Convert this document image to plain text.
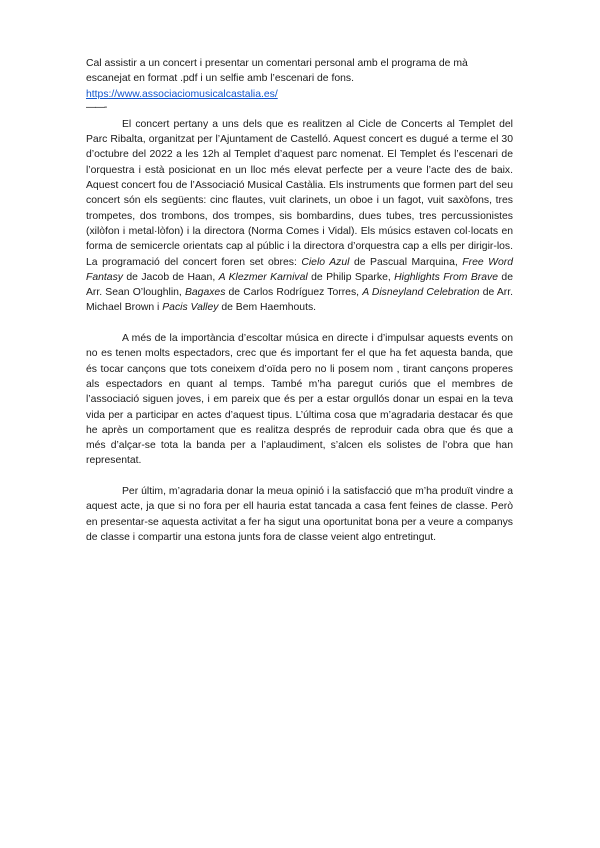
Cal assistir a un concert i presentar un comentari personal amb el programa de mà escanejat en format .pdf i un selfie amb l’escenari de fons.

https://www.associaciomusicalcastalia.es/
——-

El concert pertany a uns dels que es realitzen al Cicle de Concerts al Templet del Parc Ribalta, organitzat per l’Ajuntament de Castelló. Aquest concert es dugué a terme el 30 d’octubre del 2022 a les 12h al Templet d’aquest parc nomenat. El Templet és l’escenari de l’orquestra i està posicionat en un lloc més elevat perfecte per a veure l’acte des de baix. Aquest concert fou de l’Associació Musical Castàlia. Els instruments que formen part del seu concert són els següents: cinc flautes, vuit clarinets, un oboe i un fagot, vuit saxòfons, tres trompetes, dos trombons, dos trompes, sis bombardins, dues tubes, tres percussionistes (xilòfon i metal·lòfon) i la directora (Norma Comes i Vidal). Els músics estaven col·locats en forma de semicercle orientats cap al públic i la directora d’orquestra cap a ells per dirigir-los. La programació del concert foren set obres: Cielo Azul de Pascual Marquina, Free Word Fantasy de Jacob de Haan, A Klezmer Karnival de Philip Sparke, Highlights From Brave de Arr. Sean O’loughlin, Bagaxes de Carlos Rodríguez Torres, A Disneyland Celebration de Arr. Michael Brown i Pacis Valley de Bem Haemhouts.

A més de la importància d’escoltar música en directe i d’impulsar aquests events on no es tenen molts espectadors, crec que és important fer el que ha fet aquesta banda, que és tocar cançons que tots coneixem d’oïda pero no li posem nom , tirant cançons properes als espectadors en quant al temps. També m’ha paregut curiós que el membres de l’associació siguen joves, i em pareix que és per a estar orgullós donar un espai en la teva vida per a participar en actes d’aquest tipus. L’última cosa que m’agradaria destacar és que he après un comportament que es realitza després de reproduir cada obra que és que a més d’alçar-se tota la banda per a l’aplaudiment, s’alcen els solistes de l’obra que han representat.

Per últim, m’agradaria donar la meua opinió i la satisfacció que m’ha produït vindre a aquest acte, ja que si no fora per ell hauria estat tancada a casa fent feines de classe. Però en presentar-se aquesta activitat a fer ha sigut una oportunitat bona per a veure a companys de classe i compartir una estona junts fora de classe veient algo entretingut.
